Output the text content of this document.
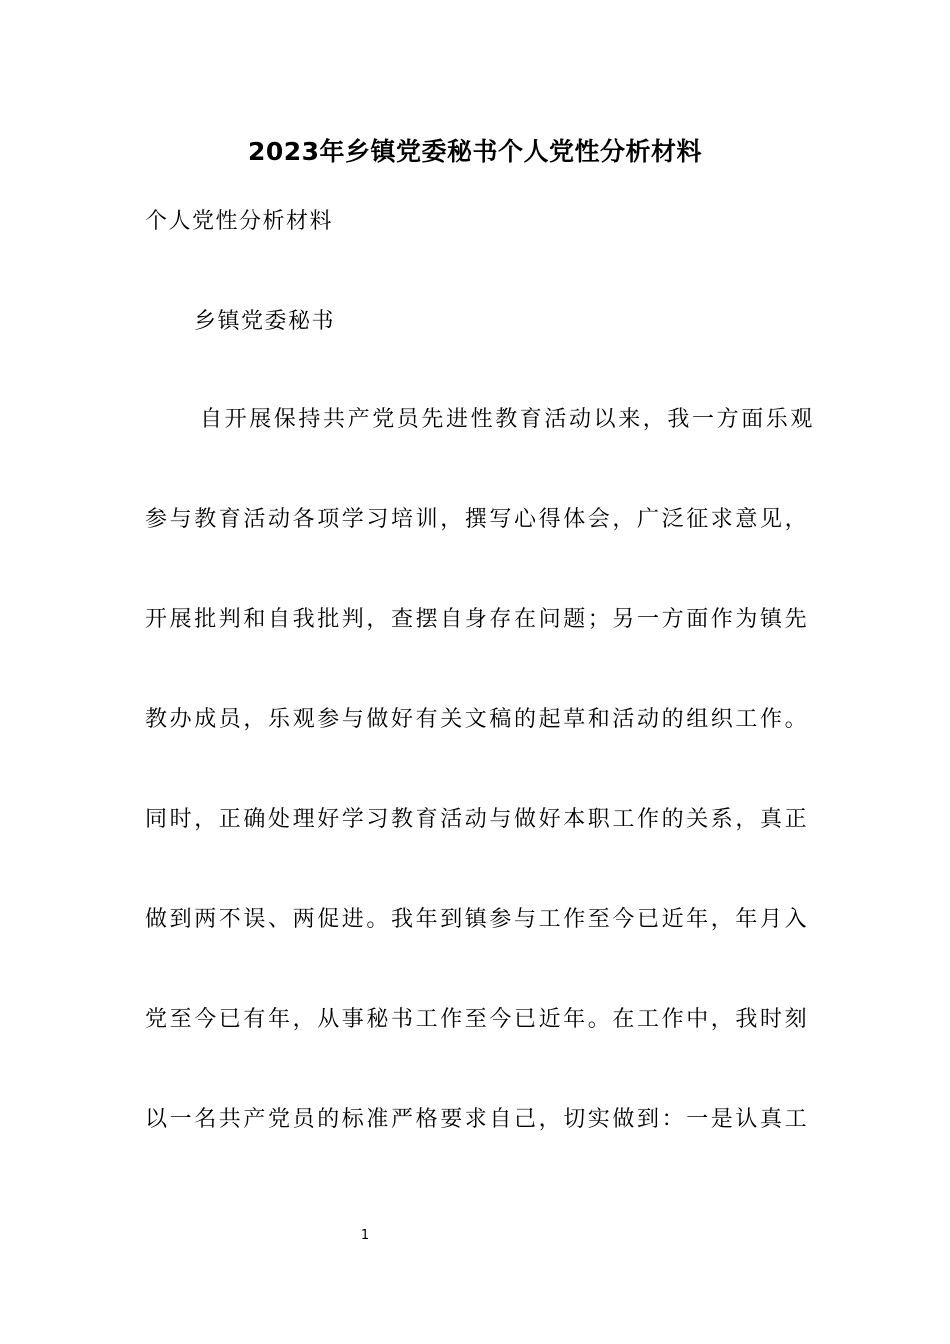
2023年乡镇党委秘书个人党性分析材料
个人党性分析材料
乡镇党委秘书
自开展保持共产党员先进性教育活动以来，我一方面乐观
参与教育活动各项学习培训，撰写心得体会，广泛征求意见，
开展批判和自我批判，查摆自身存在问题；另一方面作为镇先
教办成员，乐观参与做好有关文稿的起草和活动的组织工作。
同时，正确处理好学习教育活动与做好本职工作的关系，真正
做到两不误、两促进。我年到镇参与工作至今已近年，年月入
党至今已有年，从事秘书工作至今已近年。在工作中，我时刻
以一名共产党员的标准严格要求自己，切实做到：一是认真工
1
